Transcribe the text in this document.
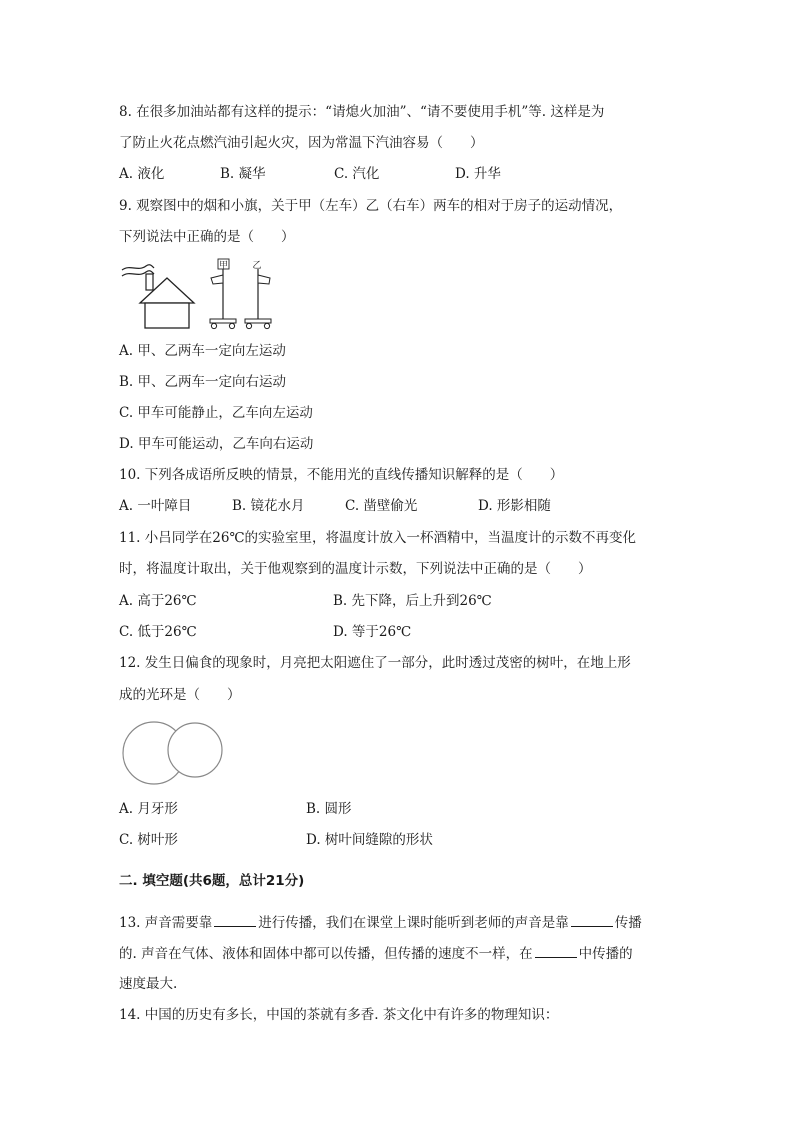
8. 在很多加油站都有这样的提示：“请熄火加油”、“请不要使用手机”等. 这样是为
了防止火花点燃汽油引起火灾，因为常温下汽油容易（　　）
A. 液化	B. 凝华	C. 汽化	D. 升华
9. 观察图中的烟和小旗，关于甲（左车）乙（右车）两车的相对于房子的运动情况，
下列说法中正确的是（　　）
甲	乙
A. 甲、乙两车一定向左运动
B. 甲、乙两车一定向右运动
C. 甲车可能静止，乙车向左运动
D. 甲车可能运动，乙车向右运动
10. 下列各成语所反映的情景，不能用光的直线传播知识解释的是（　　）
A. 一叶障目	B. 镜花水月	C. 凿壁偷光	D. 形影相随
11. 小吕同学在26℃的实验室里，将温度计放入一杯酒精中，当温度计的示数不再变化
时，将温度计取出，关于他观察到的温度计示数，下列说法中正确的是（　　）
A. 高于26℃	B. 先下降，后上升到26℃
C. 低于26℃	D. 等于26℃
12. 发生日偏食的现象时，月亮把太阳遮住了一部分，此时透过茂密的树叶，在地上形
成的光环是（　　）
A. 月牙形	B. 圆形
C. 树叶形	D. 树叶间缝隙的形状
二. 填空题(共6题，总计21分)
13. 声音需要靠	进行传播，我们在课堂上课时能听到老师的声音是靠	传播
的. 声音在气体、液体和固体中都可以传播，但传播的速度不一样，在	中传播的
速度最大.
14. 中国的历史有多长，中国的茶就有多香. 茶文化中有许多的物理知识：
